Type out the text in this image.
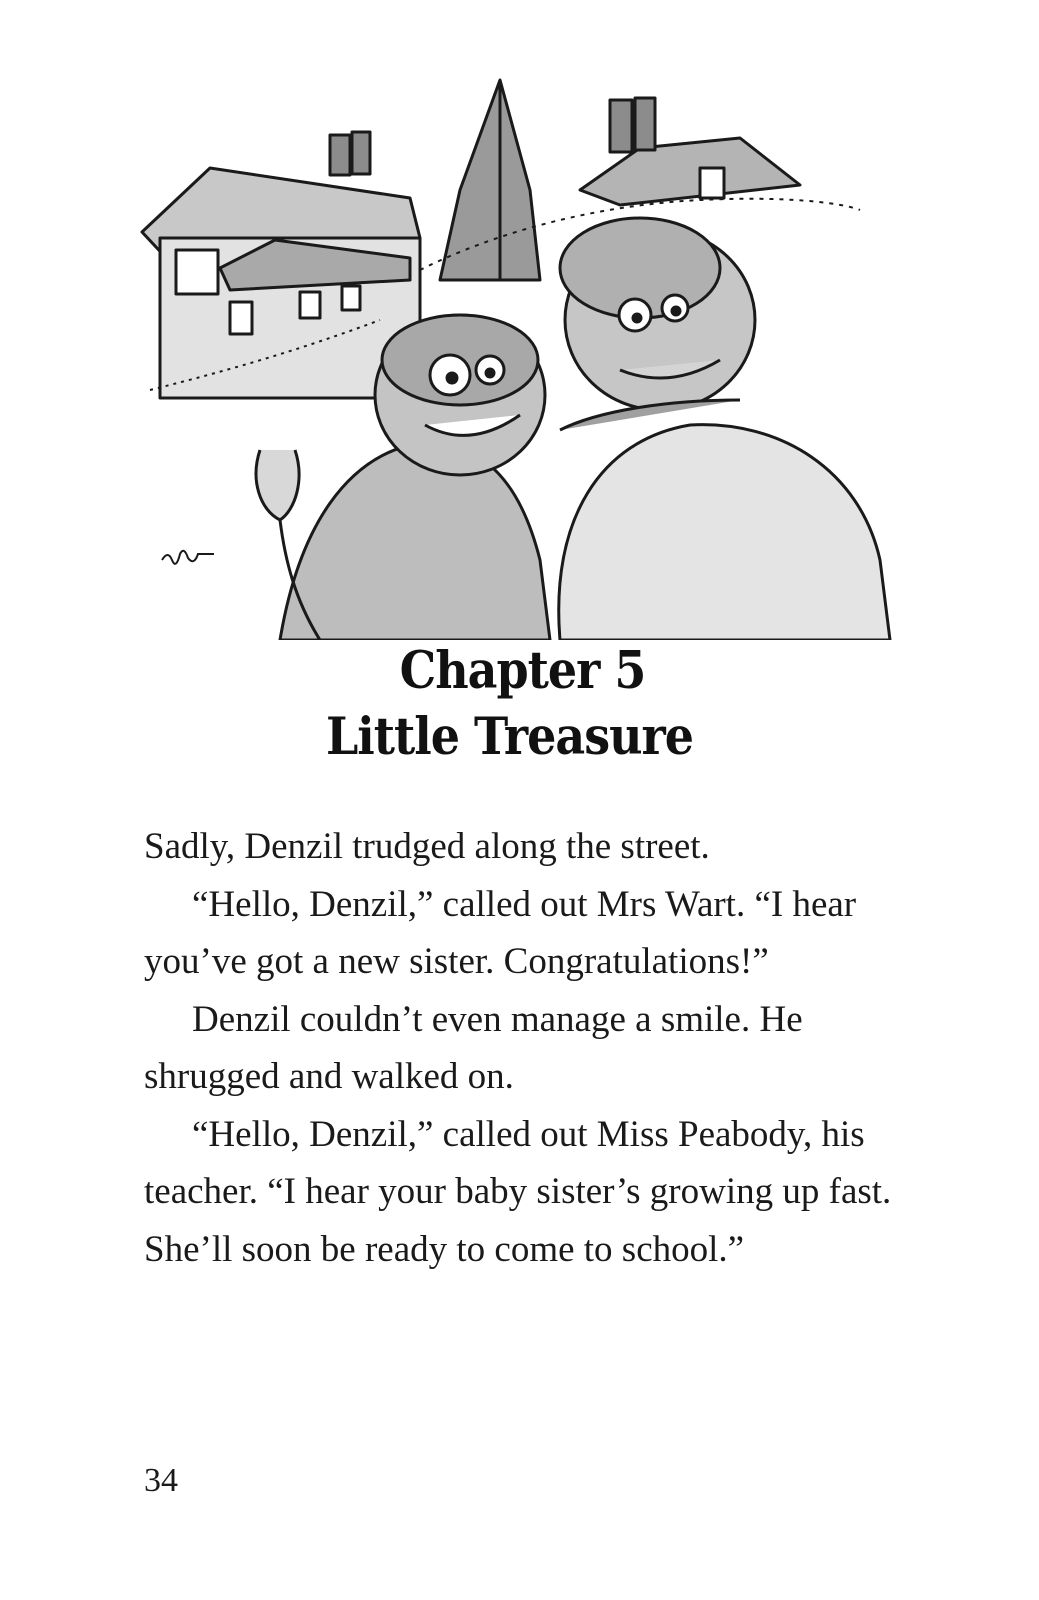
Chapter 5
Little Treasure

Sadly, Denzil trudged along the street.

“Hello, Denzil,” called out Mrs Wart. “I hear you’ve got a new sister. Congratulations!”

Denzil couldn’t even manage a smile. He shrugged and walked on.

“Hello, Denzil,” called out Miss Peabody, his teacher. “I hear your baby sister’s growing up fast. She’ll soon be ready to come to school.”

34
